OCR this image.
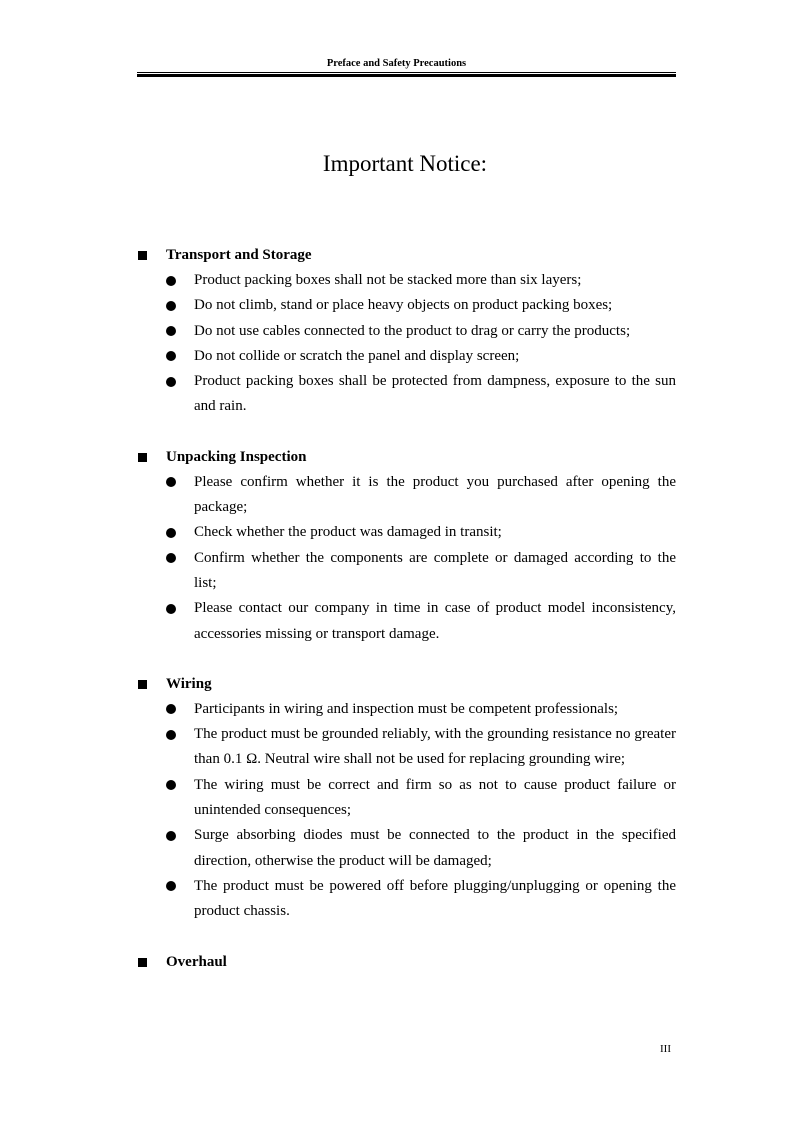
Preface and Safety Precautions
Important Notice:
Transport and Storage
Product packing boxes shall not be stacked more than six layers;
Do not climb, stand or place heavy objects on product packing boxes;
Do not use cables connected to the product to drag or carry the products;
Do not collide or scratch the panel and display screen;
Product packing boxes shall be protected from dampness, exposure to the sun and rain.
Unpacking Inspection
Please confirm whether it is the product you purchased after opening the package;
Check whether the product was damaged in transit;
Confirm whether the components are complete or damaged according to the list;
Please contact our company in time in case of product model inconsistency, accessories missing or transport damage.
Wiring
Participants in wiring and inspection must be competent professionals;
The product must be grounded reliably, with the grounding resistance no greater than 0.1 Ω. Neutral wire shall not be used for replacing grounding wire;
The wiring must be correct and firm so as not to cause product failure or unintended consequences;
Surge absorbing diodes must be connected to the product in the specified direction, otherwise the product will be damaged;
The product must be powered off before plugging/unplugging or opening the product chassis.
Overhaul
III
